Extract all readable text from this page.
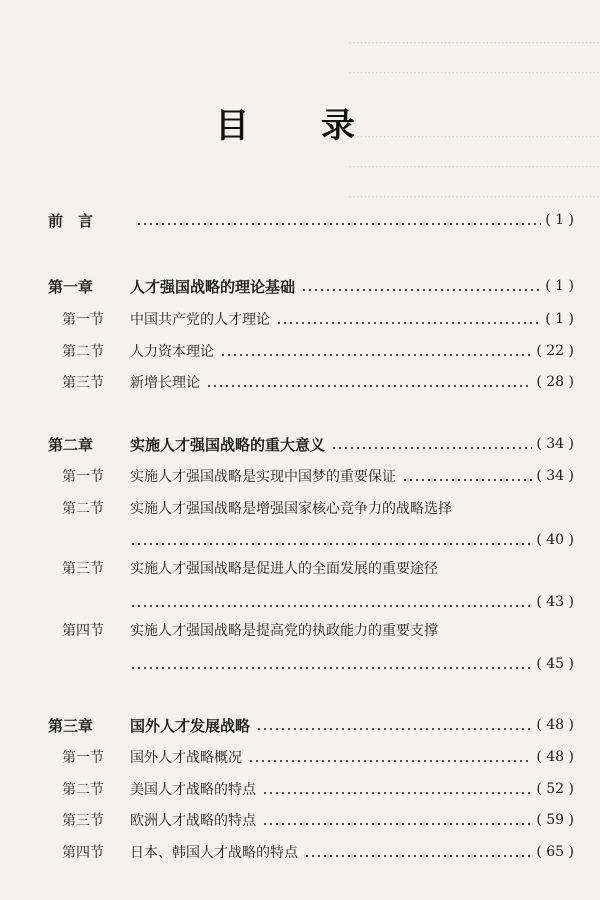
··································································
··································································
··································································
··································································
··································································
目 录
前　言	( 1 )
第一章	人才强国战略的理论基础	( 1 )
第一节	中国共产党的人才理论	( 1 )
第二节	人力资本理论	( 22 )
第三节	新增长理论	( 28 )
第二章	实施人才强国战略的重大意义	( 34 )
第一节	实施人才强国战略是实现中国梦的重要保证	( 34 )
第二节	实施人才强国战略是增强国家核心竞争力的战略选择
( 40 )
第三节	实施人才强国战略是促进人的全面发展的重要途径
( 43 )
第四节	实施人才强国战略是提高党的执政能力的重要支撑
( 45 )
第三章	国外人才发展战略	( 48 )
第一节	国外人才战略概况	( 48 )
第二节	美国人才战略的特点	( 52 )
第三节	欧洲人才战略的特点	( 59 )
第四节	日本、韩国人才战略的特点	( 65 )
